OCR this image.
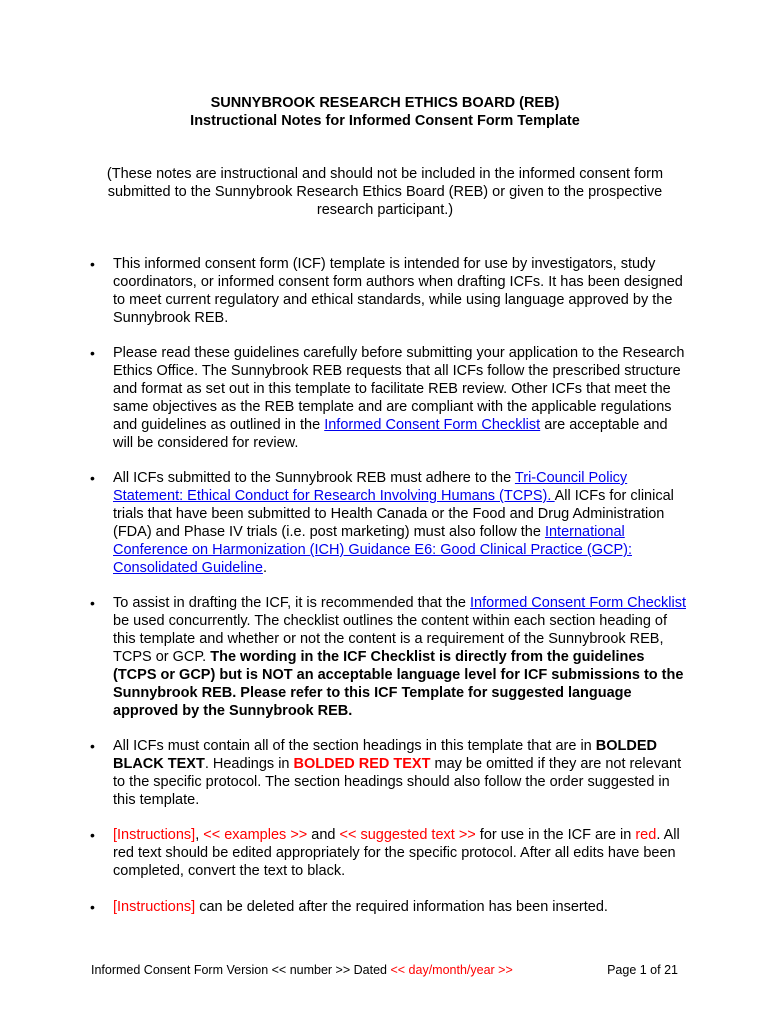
SUNNYBROOK RESEARCH ETHICS BOARD (REB)
Instructional Notes for Informed Consent Form Template
(These notes are instructional and should not be included in the informed consent form submitted to the Sunnybrook Research Ethics Board (REB) or given to the prospective research participant.)
• This informed consent form (ICF) template is intended for use by investigators, study coordinators, or informed consent form authors when drafting ICFs. It has been designed to meet current regulatory and ethical standards, while using language approved by the Sunnybrook REB.
• Please read these guidelines carefully before submitting your application to the Research Ethics Office. The Sunnybrook REB requests that all ICFs follow the prescribed structure and format as set out in this template to facilitate REB review. Other ICFs that meet the same objectives as the REB template and are compliant with the applicable regulations and guidelines as outlined in the Informed Consent Form Checklist are acceptable and will be considered for review.
• All ICFs submitted to the Sunnybrook REB must adhere to the Tri-Council Policy Statement: Ethical Conduct for Research Involving Humans (TCPS). All ICFs for clinical trials that have been submitted to Health Canada or the Food and Drug Administration (FDA) and Phase IV trials (i.e. post marketing) must also follow the International Conference on Harmonization (ICH) Guidance E6: Good Clinical Practice (GCP): Consolidated Guideline.
• To assist in drafting the ICF, it is recommended that the Informed Consent Form Checklist be used concurrently. The checklist outlines the content within each section heading of this template and whether or not the content is a requirement of the Sunnybrook REB, TCPS or GCP. The wording in the ICF Checklist is directly from the guidelines (TCPS or GCP) but is NOT an acceptable language level for ICF submissions to the Sunnybrook REB. Please refer to this ICF Template for suggested language approved by the Sunnybrook REB.
• All ICFs must contain all of the section headings in this template that are in BOLDED BLACK TEXT. Headings in BOLDED RED TEXT may be omitted if they are not relevant to the specific protocol. The section headings should also follow the order suggested in this template.
• [Instructions], << examples >> and << suggested text >> for use in the ICF are in red. All red text should be edited appropriately for the specific protocol. After all edits have been completed, convert the text to black.
• [Instructions] can be deleted after the required information has been inserted.
Informed Consent Form Version << number >> Dated << day/month/year >>	Page 1 of 21
